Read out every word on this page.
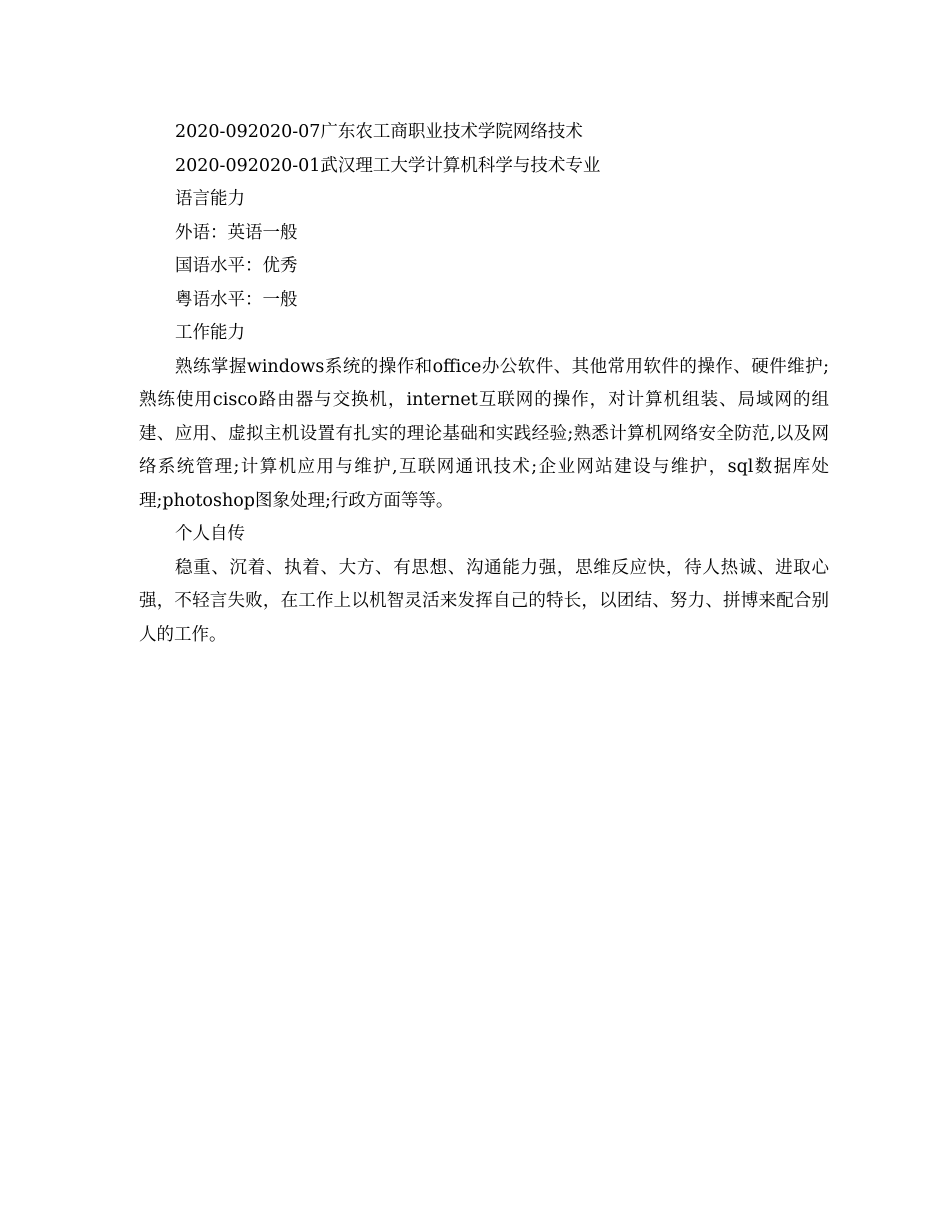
2020-092020-07广东农工商职业技术学院网络技术

2020-092020-01武汉理工大学计算机科学与技术专业

语言能力

外语：英语一般

国语水平：优秀

粤语水平：一般

工作能力

熟练掌握windows系统的操作和office办公软件、其他常用软件的操作、硬件维护;熟练使用cisco路由器与交换机，internet互联网的操作，对计算机组装、局域网的组建、应用、虚拟主机设置有扎实的理论基础和实践经验;熟悉计算机网络安全防范,以及网络系统管理;计算机应用与维护,互联网通讯技术;企业网站建设与维护，sql数据库处理;photoshop图象处理;行政方面等等。

个人自传

稳重、沉着、执着、大方、有思想、沟通能力强，思维反应快，待人热诚、进取心强，不轻言失败，在工作上以机智灵活来发挥自己的特长，以团结、努力、拼博来配合别人的工作。
